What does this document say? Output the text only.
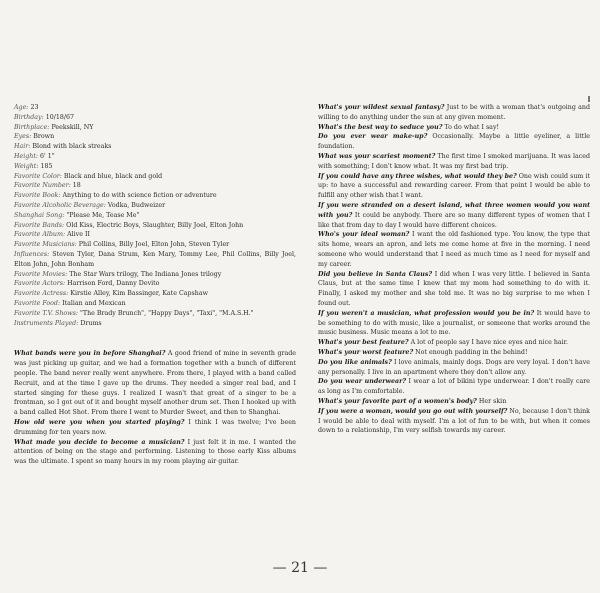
Age: 23
Birthday: 10/18/67
Birthplace: Peekskill, NY
Eyes: Brown
Hair: Blond with black streaks
Height: 6' 1"
Weight: 185
Favorite Color: Black and blue, black and gold
Favorite Number: 18
Favorite Book: Anything to do with science fiction or adventure
Favorite Alcoholic Beverage: Vodka, Budweizer
Shanghai Song: "Please Me, Tease Me"
Favorite Bands: Old Kiss, Electric Boys, Slaughter, Billy Joel, Elton John
Favorite Album: Alive II
Favorite Musicians: Phil Collins, Billy Joel, Elton John, Steven Tyler
Influences: Steven Tyler, Dana Strum, Ken Mary, Tommy Lee, Phil Collins, Billy Joel, Elton John, John Bonham
Favorite Movies: The Star Wars trilogy, The Indiana Jones trilogy
Favorite Actors: Harrison Ford, Danny Devito
Favorite Actress: Kirstie Alley, Kim Bassinger, Kate Capshaw
Favorite Food: Italian and Mexican
Favorite T.V. Shows: "The Brady Brunch", "Happy Days", "Taxi", "M.A.S.H."
Instruments Played: Drums

What bands were you in before Shanghai? A good friend of mine in seventh grade was just picking up guitar, and we had a formation together with a bunch of different people. The band never really went anywhere. From there, I played with a band called Recruit, and at the time I gave up the drums. They needed a singer real bad, and I started singing for these guys. I realized I wasn't that great of a singer to be a frontman, so I got out of it and bought myself another drum set. Then I hooked up with a band called Hot Shot. From there I went to Murder Sweet, and then to Shanghai.

How old were you when you started playing? I think I was twelve; I've been drumming for ten years now.

What made you decide to become a musician? I just felt it in me. I wanted the attention of being on the stage and performing. Listening to those early Kiss albums was the ultimate. I spent so many hours in my room playing air guitar.

What's your wildest sexual fantasy? Just to be with a woman that's outgoing and willing to do anything under the sun at any given moment.

What's the best way to seduce you? To do what I say!

Do you ever wear make-up? Occasionally. Maybe a little eyeliner, a little foundation.

What was your scariest moment? The first time I smoked marijuana. It was laced with something; I don't know what. It was my first bad trip.

If you could have any three wishes, what would they be? One wish could sum it up: to have a successful and rewarding career. From that point I would be able to fulfill any other wish that I want.

If you were stranded on a desert island, what three women would you want with you? It could be anybody. There are so many different types of women that I like that from day to day I would have different choices.

Who's your ideal woman? I want the old fashioned type. You know, the type that sits home, wears an apron, and lets me come home at five in the morning. I need someone who would understand that I need as much time as I need for myself and my career.

Did you believe in Santa Claus? I did when I was very little. I believed in Santa Claus, but at the same time I knew that my mom had something to do with it. Finally, I asked my mother and she told me. It was no big surprise to me when I found out.

If you weren't a musician, what profession would you be in? It would have to be something to do with music, like a journalist, or someone that works around the music business. Music means a lot to me.

What's your best feature? A lot of people say I have nice eyes and nice hair.

What's your worst feature? Not enough padding in the behind!

Do you like animals? I love animals, mainly dogs. Dogs are very loyal. I don't have any personally. I live in an apartment where they don't allow any.

Do you wear underwear? I wear a lot of bikini type underwear. I don't really care as long as I'm comfortable.

What's your favorite part of a women's body? Her skin

If you were a woman, would you go out with yourself? No, because I don't think I would be able to deal with myself. I'm a lot of fun to be with, but when it comes down to a relationship, I'm very selfish towards my career.

— 21 —
